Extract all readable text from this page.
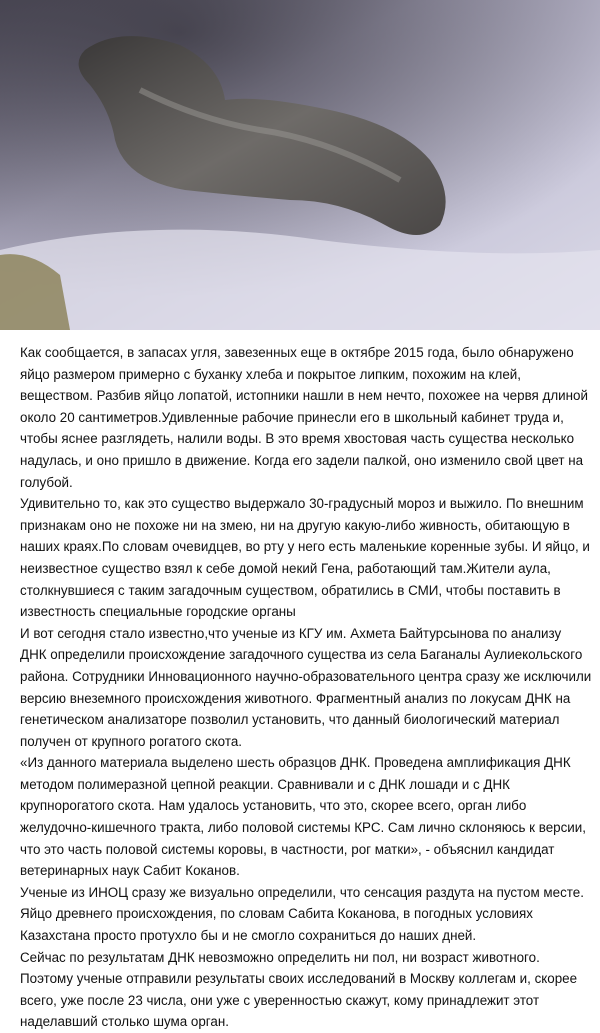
Как сообщается, в запасах угля, завезенных еще в октябре 2015 года, было обнаружено
яйцо размером примерно с буханку хлеба и покрытое липким, похожим на клей,
веществом. Разбив яйцо лопатой, истопники нашли в нем нечто, похожее на червя длиной
около 20 сантиметров.Удивленные рабочие принесли его в школьный кабинет труда и,
чтобы яснее разглядеть, налили воды. В это время хвостовая часть существа несколько
надулась, и оно пришло в движение. Когда его задели палкой, оно изменило свой цвет на
голубой.

Удивительно то, как это существо выдержало 30-градусный мороз и выжило. По внешним
признакам оно не похоже ни на змею, ни на другую какую-либо живность, обитающую в
наших краях.По словам очевидцев, во рту у него есть маленькие коренные зубы. И яйцо, и
неизвестное существо взял к себе домой некий Гена, работающий там.Жители аула,
столкнувшиеся с таким загадочным существом, обратились в СМИ, чтобы поставить в
известность специальные городские органы

И вот сегодня стало известно,что ученые из КГУ им. Ахмета Байтурсынова по анализу
ДНК определили происхождение загадочного существа из села Баганалы Аулиекольского
района. Сотрудники Инновационного научно-образовательного центра сразу же исключили
версию внеземного происхождения животного. Фрагментный анализ по локусам ДНК на
генетическом анализаторе позволил установить, что данный биологический материал
получен от крупного рогатого скота.

«Из данного материала выделено шесть образцов ДНК. Проведена амплификация ДНК
методом полимеразной цепной реакции. Сравнивали и с ДНК лошади и с ДНК
крупнорогатого скота. Нам удалось установить, что это, скорее всего, орган либо
желудочно-кишечного тракта, либо половой системы КРС. Сам лично склоняюсь к версии,
что это часть половой системы коровы, в частности, рог матки», - объяснил кандидат
ветеринарных наук Сабит Коканов.

Ученые из ИНОЦ сразу же визуально определили, что сенсация раздута на пустом месте.
Яйцо древнего происхождения, по словам Сабита Коканова, в погодных условиях
Казахстана просто протухло бы и не смогло сохраниться до наших дней.

Сейчас по результатам ДНК невозможно определить ни пол, ни возраст животного.
Поэтому ученые отправили результаты своих исследований в Москву коллегам и, скорее
всего, уже после 23 числа, они уже с уверенностью скажут, кому принадлежит этот
наделавший столько шума орган.
